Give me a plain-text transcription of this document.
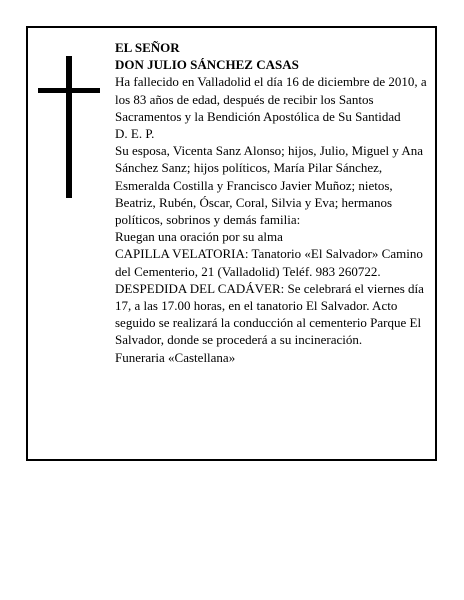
EL SEÑOR

DON JULIO SÁNCHEZ CASAS

Ha fallecido en Valladolid el día 16 de diciembre de 2010, a los 83 años de edad, después de recibir los Santos Sacramentos y la Bendición Apostólica de Su Santidad

D. E. P.

Su esposa, Vicenta Sanz Alonso; hijos, Julio, Miguel y Ana Sánchez Sanz; hijos políticos, María Pilar Sánchez, Esmeralda Costilla y Francisco Javier Muñoz; nietos, Beatriz, Rubén, Óscar, Coral, Silvia y Eva; hermanos políticos, sobrinos y demás familia:

Ruegan una oración por su alma

CAPILLA VELATORIA: Tanatorio «El Salvador» Camino del Cementerio, 21 (Valladolid) Teléf. 983 260722.

DESPEDIDA DEL CADÁVER: Se celebrará el viernes día 17, a las 17.00 horas, en el tanatorio El Salvador. Acto seguido se realizará la conducción al cementerio Parque El Salvador, donde se procederá a su incineración.

Funeraria «Castellana»
